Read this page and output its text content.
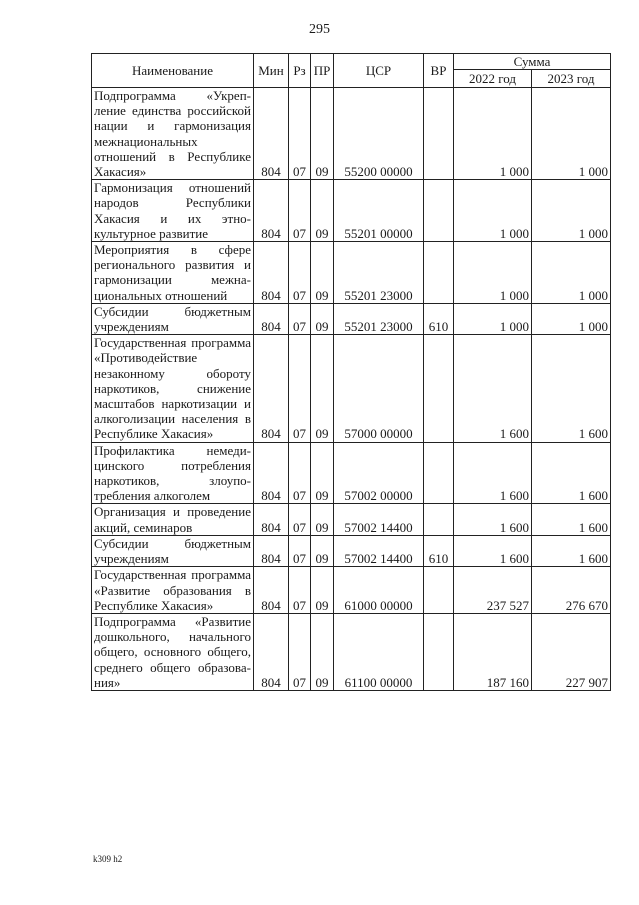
295
Наименование	Мин	Рз	ПР	ЦСР	ВР	Сумма	
						2022 год	2023 год
Подпрограмма «Укрепление единства российской нации и гармонизация межнациональных отношений в Республике Хакасия»	804	07	09	55200 00000		1 000	1 000
Гармонизация отношений народов Республики Хакасия и их этнокультурное развитие	804	07	09	55201 00000		1 000	1 000
Мероприятия в сфере регионального развития и гармонизации межнациональных отношений	804	07	09	55201 23000		1 000	1 000
Субсидии бюджетным учреждениям	804	07	09	55201 23000	610	1 000	1 000
Государственная программа «Противодействие незаконному обороту наркотиков, снижение масштабов наркотизации и алкоголизации населения в Республике Хакасия»	804	07	09	57000 00000		1 600	1 600
Профилактика немедицинского потребления наркотиков, злоупотребления алкоголем	804	07	09	57002 00000		1 600	1 600
Организация и проведение акций, семинаров	804	07	09	57002 14400		1 600	1 600
Субсидии бюджетным учреждениям	804	07	09	57002 14400	610	1 600	1 600
Государственная программа «Развитие образования в Республике Хакасия»	804	07	09	61000 00000		237 527	276 670
Подпрограмма «Развитие дошкольного, начального общего, основного общего, среднего общего образования»	804	07	09	61100 00000		187 160	227 907
k309 h2
